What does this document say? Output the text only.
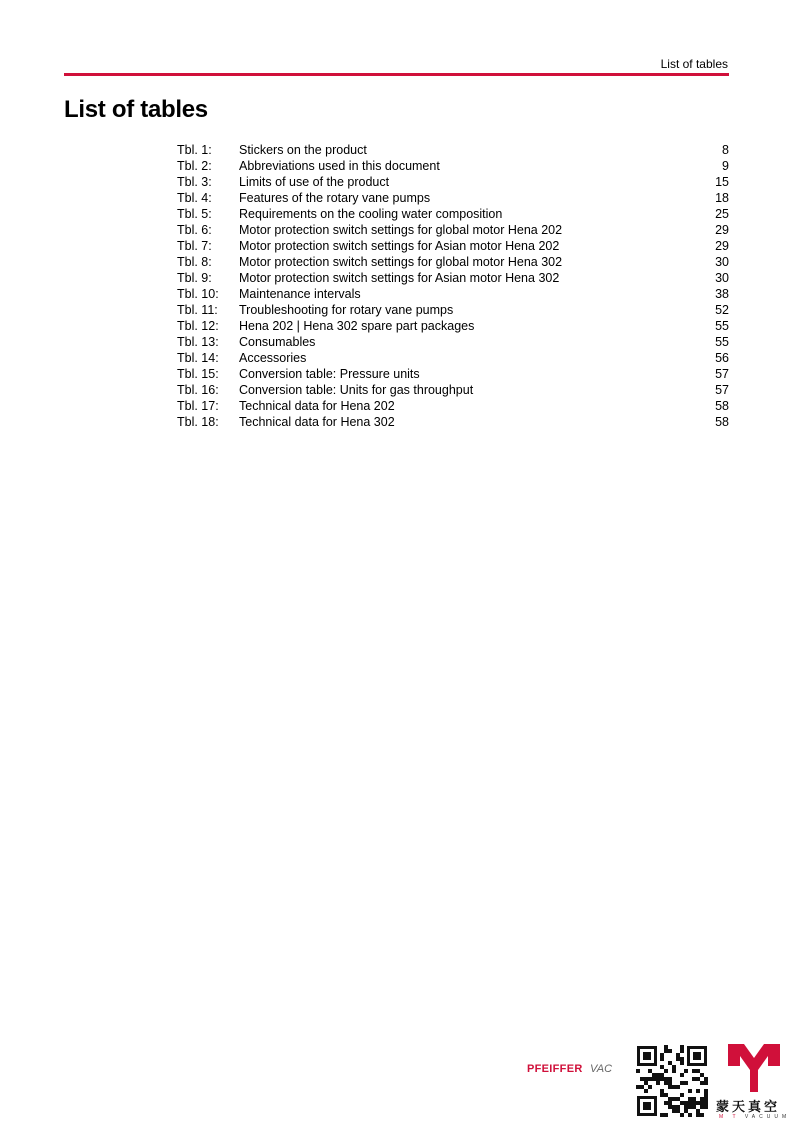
List of tables
List of tables
Tbl. 1:	Stickers on the product	8
Tbl. 2:	Abbreviations used in this document	9
Tbl. 3:	Limits of use of the product	15
Tbl. 4:	Features of the rotary vane pumps	18
Tbl. 5:	Requirements on the cooling water composition	25
Tbl. 6:	Motor protection switch settings for global motor Hena 202	29
Tbl. 7:	Motor protection switch settings for Asian motor Hena 202	29
Tbl. 8:	Motor protection switch settings for global motor Hena 302	30
Tbl. 9:	Motor protection switch settings for Asian motor Hena 302	30
Tbl. 10:	Maintenance intervals	38
Tbl. 11:	Troubleshooting for rotary vane pumps	52
Tbl. 12:	Hena 202 | Hena 302 spare part packages	55
Tbl. 13:	Consumables	55
Tbl. 14:	Accessories	56
Tbl. 15:	Conversion table: Pressure units	57
Tbl. 16:	Conversion table: Units for gas throughput	57
Tbl. 17:	Technical data for Hena 202	58
Tbl. 18:	Technical data for Hena 302	58
PFEIFFER VAC
蒙天真空
M T VACUUM
